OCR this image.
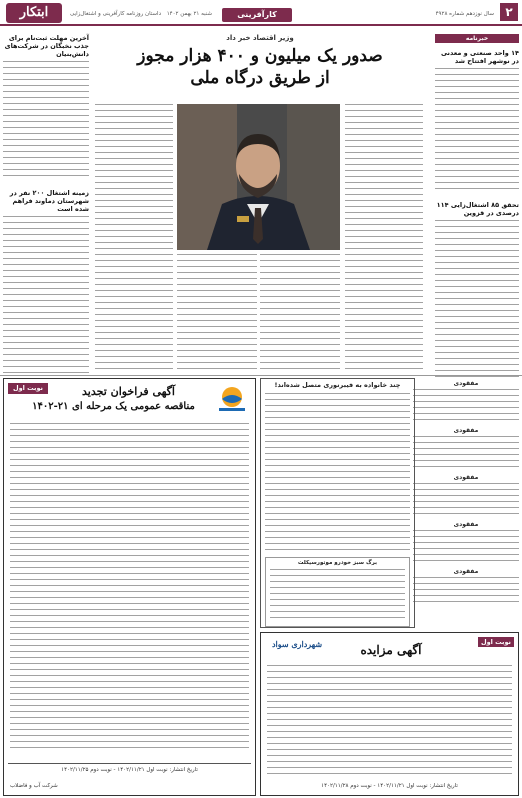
ابتکار	داستان روزنامه کارآفرینی و اشتغال‌زایی	کارآفرینی
شنبه ۲۱ بهمن ۱۴۰۲	سال نوزدهم شماره ۴۹۲۸ ۲
خبرنامه
۱۴ واحد صنعتی و معدنی در نوشهر افتتاح شد
تحقق ۸۵ اشتغال‌زایی ۱۱۴ درصدی در قزوین
آخرین مهلت ثبت‌نام برای جذب نخبگان در شرکت‌های دانش‌بنیان
زمینه اشتغال ۲۰۰ نفر در شهرستان دماوند فراهم شده است
وزیر اقتصاد خبر داد
صدور یک میلیون و ۴۰۰ هزار مجوز
از طریق درگاه ملی
مفقودی
مفقودی
مفقودی
مفقودی
مفقودی
چند خانواده به فیبرنوری متصل شده‌اند!
برگ سبز خودرو موتورسیکلت
نوبت اول	آگهی فراخوان تجدید
مناقصه عمومی یک مرحله ای ۲۱-۱۴۰۲
تاریخ انتشار: نوبت اول ۱۴۰۲/۱۱/۲۱ - نوبت دوم ۱۴۰۲/۱۱/۲۵
شرکت آب و فاضلاب
نوبت اول
آگهی مزایده
شهرداری سواد
تاریخ انتشار: نوبت اول ۱۴۰۲/۱۱/۲۱ - نوبت دوم ۱۴۰۲/۱۱/۲۸
